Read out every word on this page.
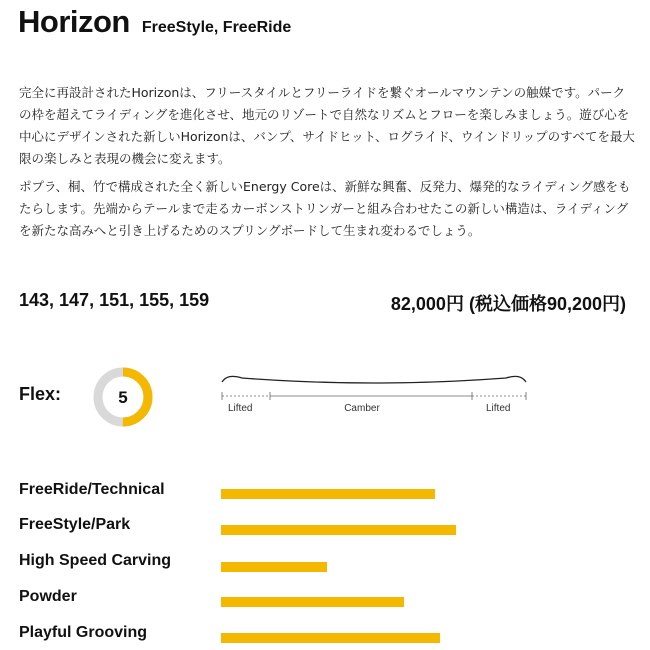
Horizon FreeStyle, FreeRide

完全に再設計されたHorizonは、フリースタイルとフリーライドを繋ぐオールマウンテンの触媒です。パークの枠を超えてライディングを進化させ、地元のリゾートで自然なリズムとフローを楽しみましょう。遊び心を中心にデザインされた新しいHorizonは、バンプ、サイドヒット、ログライド、ウインドリップのすべてを最大限の楽しみと表現の機会に変えます。

ポプラ、桐、竹で構成された全く新しいEnergy Coreは、新鮮な興奮、反発力、爆発的なライディング感をもたらします。先端からテールまで走るカーボンストリンガーと組み合わせたこの新しい構造は、ライディングを新たな高みへと引き上げるためのスプリングボードして生まれ変わるでしょう。

143, 147, 151, 155, 159	82,000円 (税込価格90,200円)
Flex:	5
Lifted	Camber	Lifted
FreeRide/Technical
FreeStyle/Park
High Speed Carving
Powder
Playful Grooving
